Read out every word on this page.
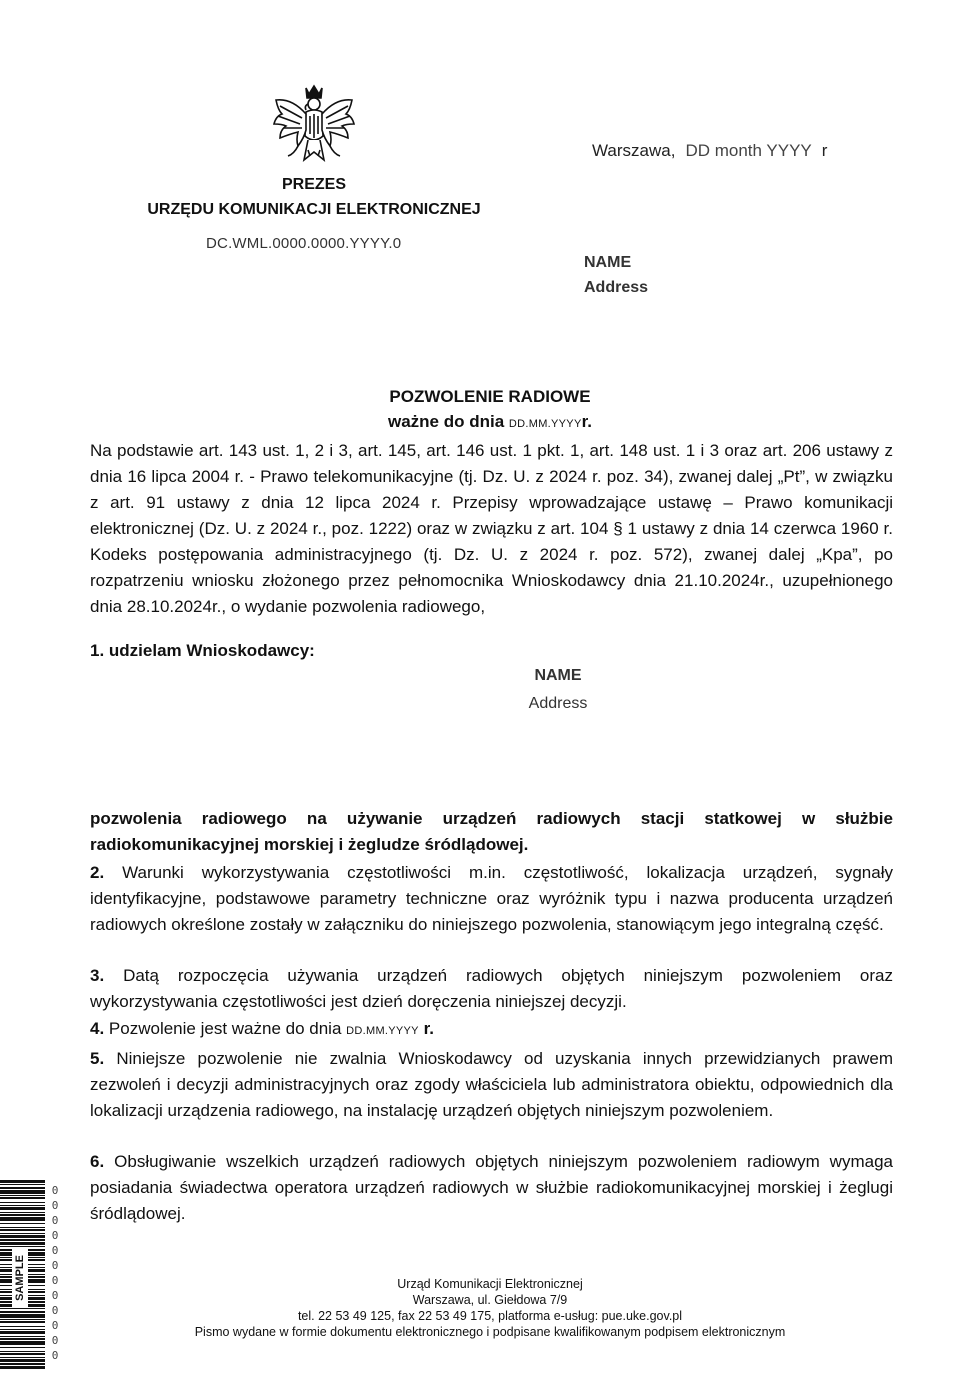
PREZES
URZĘDU KOMUNIKACJI ELEKTRONICZNEJ
DC.WML.0000.0000.YYYY.0
Warszawa, DD month YYYY r
NAME
Address
POZWOLENIE RADIOWE
ważne do dnia DD.MM.YYYYr.
Na podstawie art. 143 ust. 1, 2 i 3, art. 145, art. 146 ust. 1 pkt. 1, art. 148 ust. 1 i 3 oraz art. 206 ustawy z dnia 16 lipca 2004 r. - Prawo telekomunikacyjne (tj. Dz. U. z 2024 r. poz. 34), zwanej dalej „Pt”, w związku z art. 91 ustawy z dnia 12 lipca 2024 r. Przepisy wprowadzające ustawę – Prawo komunikacji elektronicznej (Dz. U. z 2024 r., poz. 1222) oraz w związku z art. 104 § 1 ustawy z dnia 14 czerwca 1960 r. Kodeks postępowania administracyjnego (tj. Dz. U. z 2024 r. poz. 572), zwanej dalej „Kpa”, po rozpatrzeniu wniosku złożonego przez pełnomocnika Wnioskodawcy dnia 21.10.2024r., uzupełnionego dnia 28.10.2024r., o wydanie pozwolenia radiowego,
1. udzielam Wnioskodawcy:
NAME
Address
pozwolenia radiowego na używanie urządzeń radiowych stacji statkowej w służbie radiokomunikacyjnej morskiej i żegludze śródlądowej.
2. Warunki wykorzystywania częstotliwości m.in. częstotliwość, lokalizacja urządzeń, sygnały identyfikacyjne, podstawowe parametry techniczne oraz wyróżnik typu i nazwa producenta urządzeń radiowych określone zostały w załączniku do niniejszego pozwolenia, stanowiącym jego integralną część.
3. Datą rozpoczęcia używania urządzeń radiowych objętych niniejszym pozwoleniem oraz wykorzystywania częstotliwości jest dzień doręczenia niniejszej decyzji.
4. Pozwolenie jest ważne do dnia DD.MM.YYYY r.
5. Niniejsze pozwolenie nie zwalnia Wnioskodawcy od uzyskania innych przewidzianych prawem zezwoleń i decyzji administracyjnych oraz zgody właściciela lub administratora obiektu, odpowiednich dla lokalizacji urządzenia radiowego, na instalację urządzeń objętych niniejszym pozwoleniem.
6. Obsługiwanie wszelkich urządzeń radiowych objętych niniejszym pozwoleniem radiowym wymaga posiadania świadectwa operatora urządzeń radiowych w służbie radiokomunikacyjnej morskiej i żeglugi śródlądowej.
Urząd Komunikacji Elektronicznej
Warszawa, ul. Giełdowa 7/9
tel. 22 53 49 125, fax 22 53 49 175, platforma e-usług: pue.uke.gov.pl
Pismo wydane w formie dokumentu elektronicznego i podpisane kwalifikowanym podpisem elektronicznym
SAMPLE
0
0
0
0
0
0
0
0
0
0
0
0
